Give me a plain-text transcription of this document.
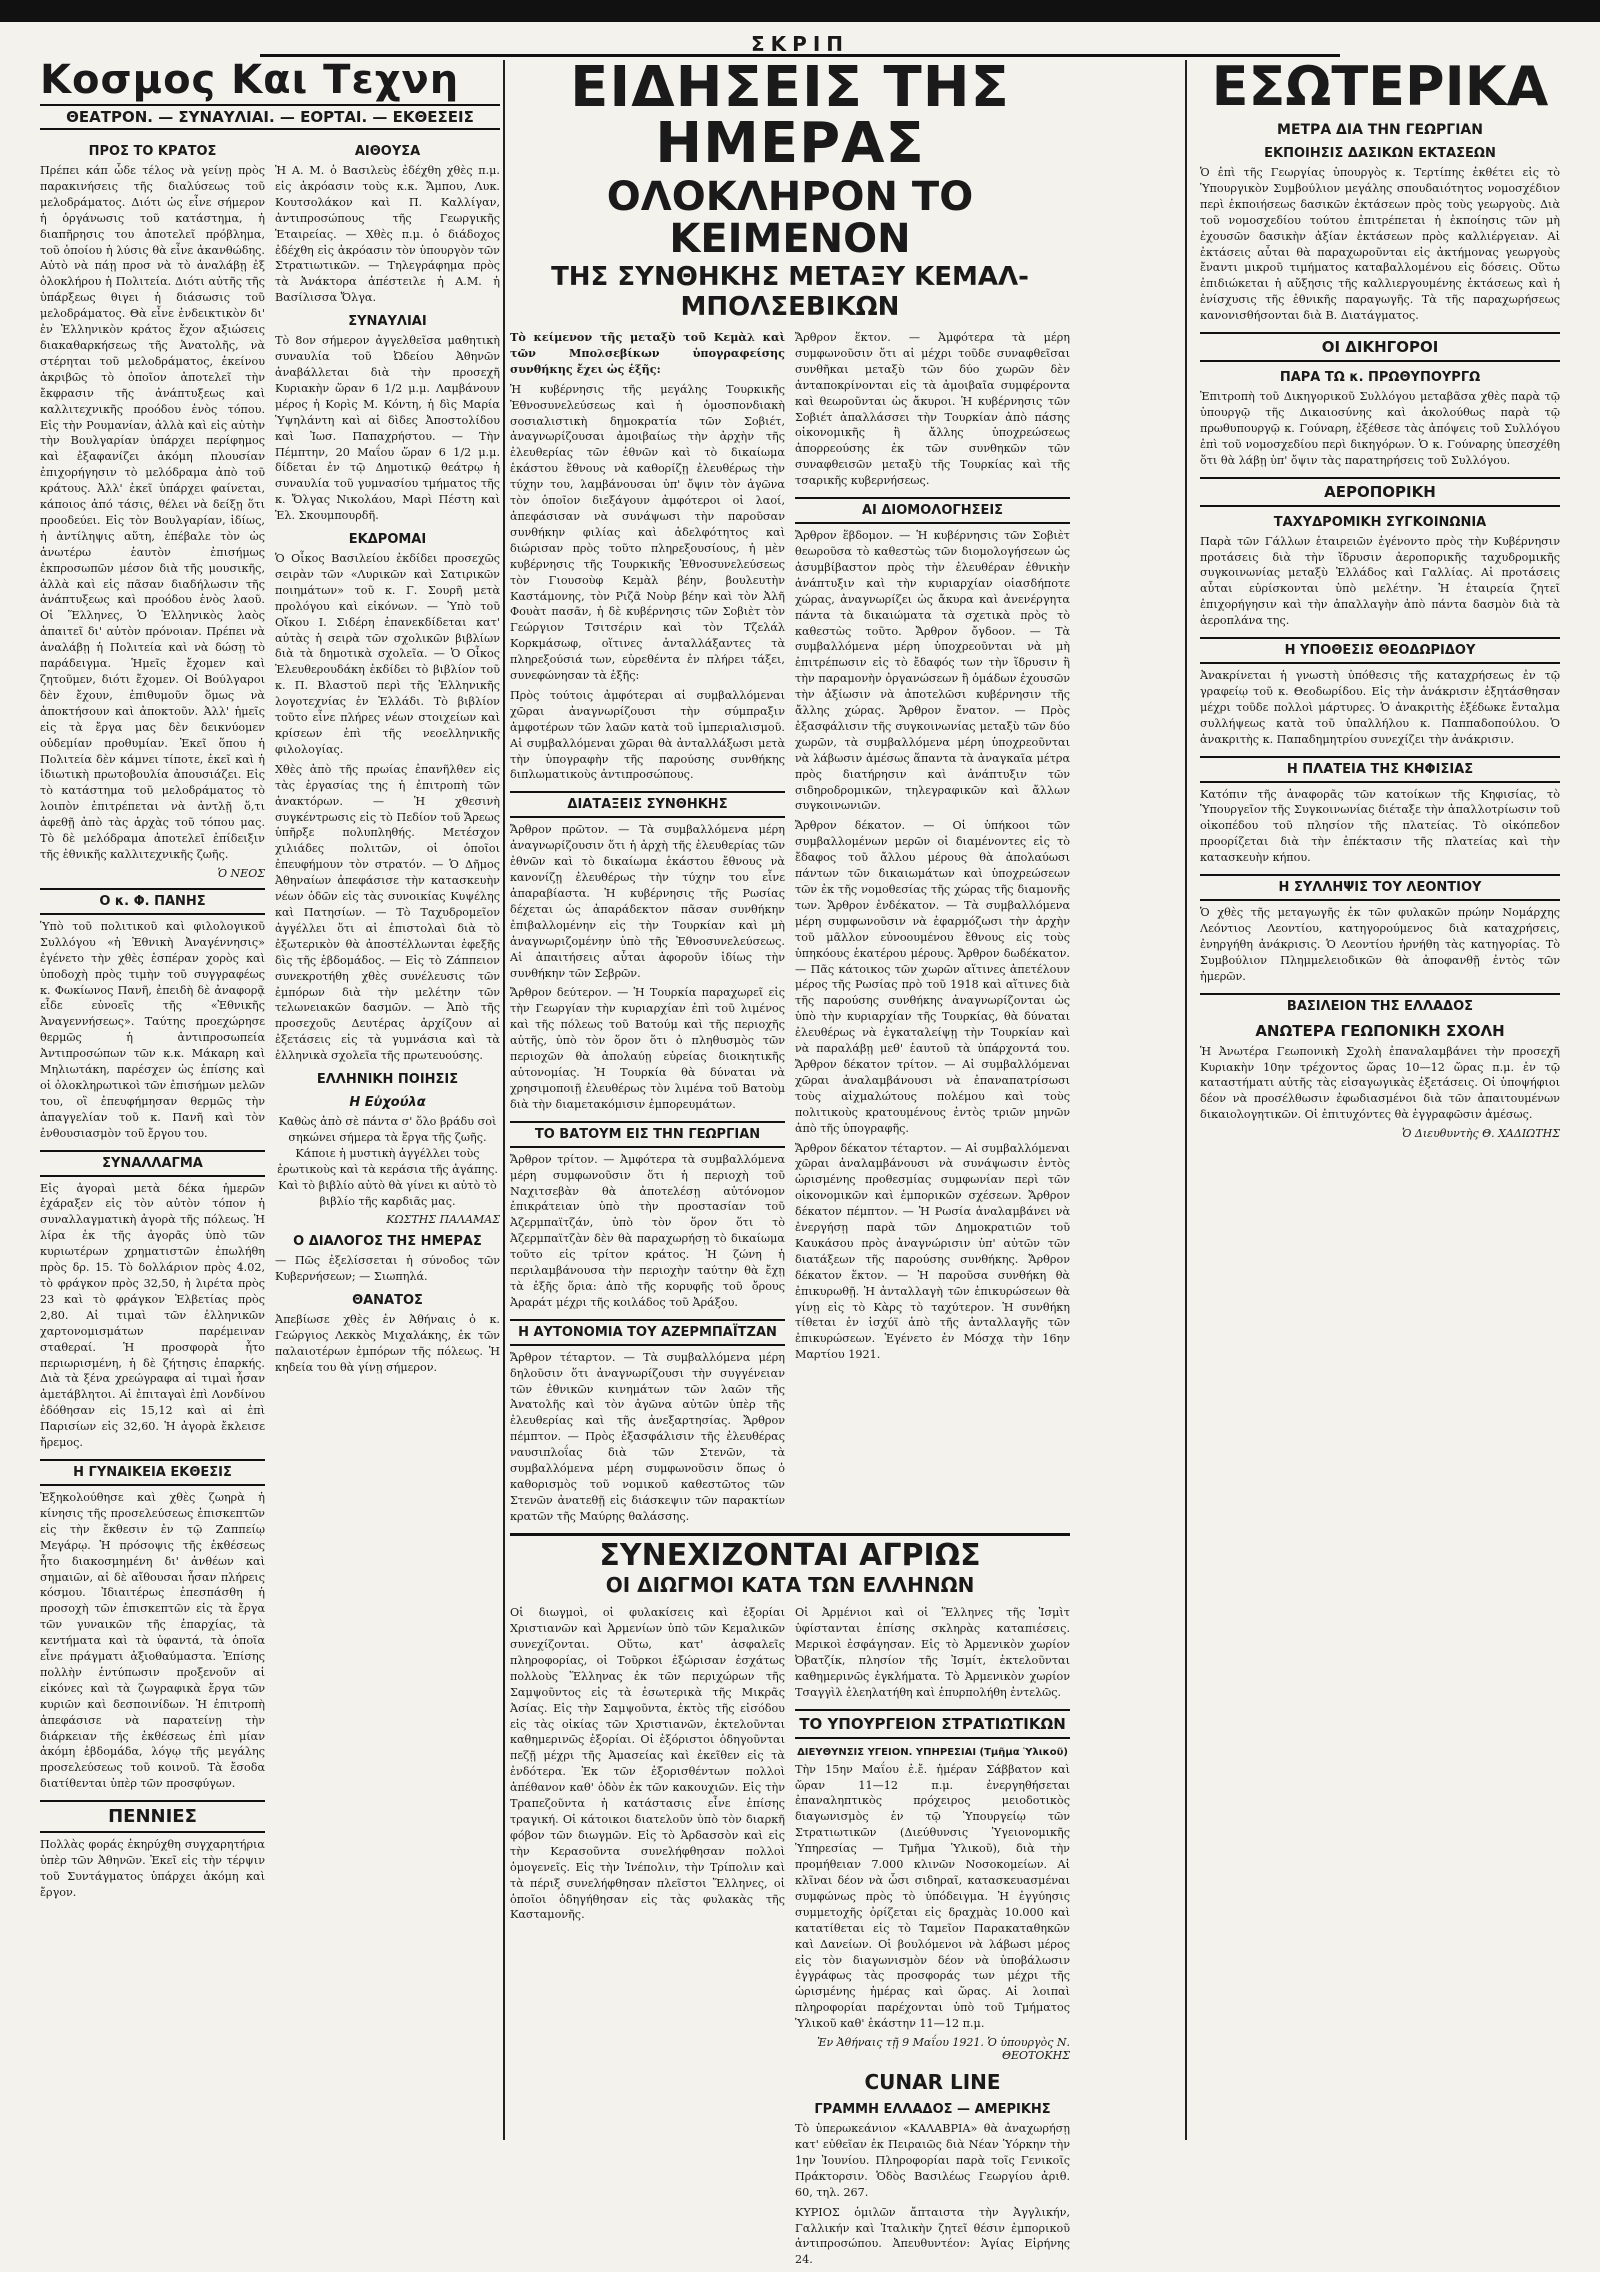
ΣΚΡΙΠ
Κοσμος Και Τεχνη
ΘΕΑΤΡΟΝ. — ΣΥΝΑΥΛΙΑΙ. — ΕΟΡΤΑΙ. — ΕΚΘΕΣΕΙΣ
ΠΡΟΣ ΤΟ ΚΡΑΤΟΣ

Πρέπει κάπ ὧδε τέλος νὰ γείνῃ πρὸς παρακινήσεις τῆς διαλύσεως τοῦ μελοδράματος. Διότι ὡς εἶνε σήμερον ἡ ὀργάνωσις τοῦ κατάστημα, ἡ διαπῆρησις του ἀποτελεῖ πρόβλημα, τοῦ ὁποίου ἡ λύσις θὰ εἶνε ἀκανθώδης. Αὐτὸ νὰ πάῃ προσ νὰ τὸ ἀναλάβῃ ἐξ ὁλοκλήρου ἡ Πολιτεία. Διότι αὐτῆς τῆς ὑπάρξεως θιγει ἡ διάσωσις τοῦ μελοδράματος. Θὰ εἶνε ἐνδεικτικὸν δι' ἐν Ἑλληνικὸν κράτος ἔχον αξιώσεις διακαθαρκήσεως τῆς Ἀνατολῆς, νὰ στέρηται τοῦ μελοδράματος, ἐκείνου ἀκριβῶς τὸ ὁποῖον ἀποτελεῖ τὴν ἔκφρασιν τῆς ἀνάπτυξεως καὶ καλλιτεχνικῆς προόδου ἑνὸς τόπου. Εἰς τὴν Ρουμανίαν, ἀλλὰ καὶ εἰς αὐτὴν τὴν Βουλγαρίαν ὑπάρχει περίφημος καὶ ἐξαφανίζει ἀκόμη πλουσίαν ἐπιχορήγησιν τὸ μελόδραμα ἀπὸ τοῦ κράτους. Ἀλλ' ἐκεῖ ὑπάρχει φαίνεται, κάποιος ἀπό τάσις, θέλει νὰ δείξῃ ὅτι προοδεύει. Εἰς τὸν Βουλγαρίαν, ἰδίως, ἡ ἀντίληψις αὕτη, ἐπέβαλε τὸν ὡς ἀνωτέρω ἑαυτὸν ἐπισήμως ἐκπροσωπῶν μέσον διὰ τῆς μουσικῆς, ἀλλὰ καὶ εἰς πᾶσαν διαδήλωσιν τῆς ἀνάπτυξεως καὶ προόδου ἑνὸς λαοῦ. Οἱ Ἕλληνες, Ὁ Ἑλληνικὸς λαὸς ἀπαιτεῖ δι' αὐτὸν πρόνοιαν. Πρέπει νὰ ἀναλάβῃ ἡ Πολιτεία καὶ νὰ δώσῃ τὸ παράδειγμα. Ἡμεῖς ἔχομεν καὶ ζητοῦμεν, διότι ἔχομεν. Οἱ Βούλγαροι δὲν ἔχουν, ἐπιθυμοῦν ὅμως νὰ ἀποκτήσουν καὶ ἀποκτοῦν. Ἀλλ' ἡμεῖς εἰς τὰ ἔργα μας δὲν δεικνύομεν οὐδεμίαν προθυμίαν. Ἐκεῖ ὅπου ἡ Πολιτεία δὲν κάμνει τίποτε, ἐκεῖ καὶ ἡ ἰδιωτικὴ πρωτοβουλία ἀπουσιάζει. Εἰς τὸ κατάστημα τοῦ μελοδράματος τὸ λοιπὸν ἐπιτρέπεται νὰ ἀντλῇ ὅ,τι ἀφεθῇ ἀπὸ τὰς ἀρχὰς τοῦ τόπου μας. Τὸ δὲ μελόδραμα ἀποτελεῖ ἐπίδειξιν τῆς ἐθνικῆς καλλιτεχνικῆς ζωῆς.

Ὁ ΝΕΟΣ
Ο κ. Φ. ΠΑΝΗΣ

Ὑπὸ τοῦ πολιτικοῦ καὶ φιλολογικοῦ Συλλόγου «ἡ Ἐθνικὴ Ἀναγέννησις» ἐγένετο τὴν χθὲς ἑσπέραν χορὸς καὶ ὑποδοχὴ πρὸς τιμὴν τοῦ συγγραφέως κ. Φωκίωνος Πανῆ, ἐπειδὴ δὲ ἀναφορᾷ εἶδε εὐνοεῖς τῆς «Ἐθνικῆς Ἀναγεννήσεως». Ταύτης προεχώρησε θερμῶς ἡ ἀντιπροσωπεία Ἀντιπροσώπων τῶν κ.κ. Μάκαρη καὶ Μηλιωτάκη, παρέσχεν ὡς ἐπίσης καὶ οἱ ὀλοκληρωτικοὶ τῶν ἐπισήμων μελῶν του, οἳ ἐπευφήμησαν θερμῶς τὴν ἀπαγγελίαν τοῦ κ. Πανῆ καὶ τὸν ἐνθουσιασμὸν τοῦ ἔργου του.

ΣΥΝΑΛΛΑΓΜΑ

Εἰς ἀγοραὶ μετὰ δέκα ἡμερῶν ἐχάραξεν εἰς τὸν αὐτὸν τόπον ἡ συναλλαγματικὴ ἀγορὰ τῆς πόλεως. Ἡ λίρα ἐκ τῆς ἀγορᾶς ὑπὸ τῶν κυριωτέρων χρηματιστῶν ἐπωλήθη πρὸς δρ. 15. Τὸ δολλάριον πρὸς 4.02, τὸ φράγκον πρὸς 32,50, ἡ λιρέτα πρὸς 23 καὶ τὸ φράγκον Ἑλβετίας πρὸς 2,80. Αἱ τιμαὶ τῶν ἑλληνικῶν χαρτονομισμάτων παρέμειναν σταθεραί. Ἡ προσφορὰ ἦτο περιωρισμένη, ἡ δὲ ζήτησις ἐπαρκής. Διὰ τὰ ξένα χρεώγραφα αἱ τιμαὶ ἦσαν ἀμετάβλητοι. Αἱ ἐπιταγαὶ ἐπὶ Λονδίνου ἐδόθησαν εἰς 15,12 καὶ αἱ ἐπὶ Παρισίων εἰς 32,60. Ἡ ἀγορὰ ἔκλεισε ἤρεμος.

Η ΓΥΝΑΙΚΕΙΑ ΕΚΘΕΣΙΣ

Ἐξηκολούθησε καὶ χθὲς ζωηρὰ ἡ κίνησις τῆς προσελεύσεως ἐπισκεπτῶν εἰς τὴν ἔκθεσιν ἐν τῷ Ζαππείῳ Μεγάρῳ. Ἡ πρόσοψις τῆς ἐκθέσεως ἦτο διακοσμημένη δι' ἀνθέων καὶ σημαιῶν, αἱ δὲ αἴθουσαι ἦσαν πλήρεις κόσμου. Ἰδιαιτέρως ἐπεσπάσθη ἡ προσοχὴ τῶν ἐπισκεπτῶν εἰς τὰ ἔργα τῶν γυναικῶν τῆς ἐπαρχίας, τὰ κεντήματα καὶ τὰ ὑφαντά, τὰ ὁποῖα εἶνε πράγματι ἀξιοθαύμαστα. Ἐπίσης πολλὴν ἐντύπωσιν προξενοῦν αἱ εἰκόνες καὶ τὰ ζωγραφικὰ ἔργα τῶν κυριῶν καὶ δεσποινίδων. Ἡ ἐπιτροπὴ ἀπεφάσισε νὰ παρατείνῃ τὴν διάρκειαν τῆς ἐκθέσεως ἐπὶ μίαν ἀκόμη ἑβδομάδα, λόγῳ τῆς μεγάλης προσελεύσεως τοῦ κοινοῦ. Τὰ ἔσοδα διατίθενται ὑπὲρ τῶν προσφύγων.

ΠΕΝΝΙΕΣ

Πολλὰς φοράς ἐκηρύχθη συγχαρητήρια ὑπὲρ τῶν Ἀθηνῶν. Ἐκεῖ εἰς τὴν τέρψιν τοῦ Συντάγματος ὑπάρχει ἀκόμη καὶ ἔργον.

ΑΙΘΟΥΣΑ

Ἡ Α. Μ. ὁ Βασιλεὺς ἐδέχθη χθὲς π.μ. εἰς ἀκρόασιν τοὺς κ.κ. Ἄμπου, Λυκ. Κουτσολάκον καὶ Π. Καλλίγαν, ἀντιπροσώπους τῆς Γεωργικῆς Ἑταιρείας. — Χθὲς π.μ. ὁ διάδοχος ἐδέχθη εἰς ἀκρόασιν τὸν ὑπουργὸν τῶν Στρατιωτικῶν. — Τηλεγράφημα πρὸς τὰ Ἀνάκτορα ἀπέστειλε ἡ Α.Μ. ἡ Βασίλισσα Ὄλγα.

ΣΥΝΑΥΛΙΑΙ

Τὸ 8ον σήμερον ἀγγελθεῖσα μαθητικὴ συναυλία τοῦ Ὠδείου Ἀθηνῶν ἀναβάλλεται διὰ τὴν προσεχῆ Κυριακὴν ὥραν 6 1/2 μ.μ. Λαμβάνουν μέρος ἡ Κορὶς Μ. Κόντη, ἡ δὶς Μαρία Ὑψηλάντη καὶ αἱ δὶδες Ἀποστολίδου καὶ Ἰωσ. Παπαχρήστου. — Τὴν Πέμπτην, 20 Μαΐου ὥραν 6 1/2 μ.μ. δίδεται ἐν τῷ Δημοτικῷ θεάτρῳ ἡ συναυλία τοῦ γυμνασίου τμήματος τῆς κ. Ὄλγας Νικολάου, Μαρὶ Πέστη καὶ Ἑλ. Σκουμπουρδῆ.

ΕΚΔΡΟΜΑΙ

Ὁ Οἶκος Βασιλείου ἐκδίδει προσεχῶς σειρὰν τῶν «Λυρικῶν καὶ Σατιρικῶν ποιημάτων» τοῦ κ. Γ. Σουρῆ μετὰ προλόγου καὶ εἰκόνων. — Ὑπὸ τοῦ Οἴκου Ι. Σιδέρη ἐπανεκδίδεται κατ' αὐτὰς ἡ σειρὰ τῶν σχολικῶν βιβλίων διὰ τὰ δημοτικὰ σχολεῖα. — Ὁ Οἶκος Ἐλευθερουδάκη ἐκδίδει τὸ βιβλίον τοῦ κ. Π. Βλαστοῦ περὶ τῆς Ἑλληνικῆς λογοτεχνίας ἐν Ἑλλάδι. Τὸ βιβλίον τοῦτο εἶνε πλήρες νέων στοιχείων καὶ κρίσεων ἐπὶ τῆς νεοελληνικῆς φιλολογίας.

Χθὲς ἀπὸ τῆς πρωίας ἐπανῆλθεν εἰς τὰς ἐργασίας της ἡ ἐπιτροπὴ τῶν ἀνακτόρων. — Ἡ χθεσινὴ συγκέντρωσις εἰς τὸ Πεδίον τοῦ Ἄρεως ὑπῆρξε πολυπληθής. Μετέσχον χιλιάδες πολιτῶν, οἱ ὁποῖοι ἐπευφήμουν τὸν στρατόν. — Ὁ Δῆμος Ἀθηναίων ἀπεφάσισε τὴν κατασκευὴν νέων ὁδῶν εἰς τὰς συνοικίας Κυψέλης καὶ Πατησίων. — Τὸ Ταχυδρομεῖον ἀγγέλλει ὅτι αἱ ἐπιστολαὶ διὰ τὸ ἐξωτερικὸν θὰ ἀποστέλλωνται ἐφεξῆς δὶς τῆς ἑβδομάδος. — Εἰς τὸ Ζάππειον συνεκροτήθη χθὲς συνέλευσις τῶν ἐμπόρων διὰ τὴν μελέτην τῶν τελωνειακῶν δασμῶν. — Ἀπὸ τῆς προσεχοῦς Δευτέρας ἀρχίζουν αἱ ἐξετάσεις εἰς τὰ γυμνάσια καὶ τὰ ἑλληνικὰ σχολεῖα τῆς πρωτευούσης.

ΕΛΛΗΝΙΚΗ ΠΟΙΗΣΙΣ
Η Εὐχούλα

Καθὼς ἀπὸ σὲ πάντα σ' ὅλο βράδυ σοὶ σηκώνει σήμερα τὰ ἔργα τῆς ζωῆς. Κάποιε ἡ μυστικὴ ἀγγέλλει τοὺς ἐρωτικοὺς καὶ τὰ κεράσια τῆς ἀγάπης. Καὶ τὸ βιβλίο αὐτὸ θὰ γίνει κι αὐτὸ τὸ βιβλίο τῆς καρδιᾶς μας.

ΚΩΣΤΗΣ ΠΑΛΑΜΑΣ
Ο ΔΙΑΛΟΓΟΣ ΤΗΣ ΗΜΕΡΑΣ

— Πῶς ἐξελίσσεται ἡ σύνοδος τῶν Κυβερνήσεων; — Σιωπηλά.

ΘΑΝΑΤΟΣ

Ἀπεβίωσε χθὲς ἐν Ἀθήναις ὁ κ. Γεώργιος Λεκκὸς Μιχαλάκης, ἐκ τῶν παλαιοτέρων ἐμπόρων τῆς πόλεως. Ἡ κηδεία του θὰ γίνῃ σήμερον.

ΕΙΔΗΣΕΙΣ ΤΗΣ ΗΜΕΡΑΣ
ΟΛΟΚΛΗΡΟΝ ΤΟ ΚΕΙΜΕΝΟΝ
ΤΗΣ ΣΥΝΘΗΚΗΣ ΜΕΤΑΞΥ ΚΕΜΑΛ-ΜΠΟΛΣΕΒΙΚΩΝ

Τὸ κείμενον τῆς μεταξὺ τοῦ Κεμὰλ καὶ τῶν Μπολσεβίκων ὑπογραφείσης συνθήκης ἔχει ὡς ἑξῆς:

Ἡ κυβέρνησις τῆς μεγάλης Τουρκικῆς Ἐθνοσυνελεύσεως καὶ ἡ ὁμοσπονδιακὴ σοσιαλιστικὴ δημοκρατία τῶν Σοβιέτ, ἀναγνωρίζουσαι ἀμοιβαίως τὴν ἀρχὴν τῆς ἐλευθερίας τῶν ἐθνῶν καὶ τὸ δικαίωμα ἑκάστου ἔθνους νὰ καθορίζῃ ἐλευθέρως τὴν τύχην του, λαμβάνουσαι ὑπ' ὄψιν τὸν ἀγῶνα τὸν ὁποῖον διεξάγουν ἀμφότεροι οἱ λαοί, ἀπεφάσισαν νὰ συνάψωσι τὴν παροῦσαν συνθήκην φιλίας καὶ ἀδελφότητος καὶ διώρισαν πρὸς τοῦτο πληρεξουσίους, ἡ μὲν κυβέρνησις τῆς Τουρκικῆς Ἐθνοσυνελεύσεως τὸν Γιουσοὺφ Κεμὰλ βέην, βουλευτὴν Καστάμονης, τὸν Ριζᾶ Νοὺρ βέην καὶ τὸν Ἀλῆ Φουὰτ πασᾶν, ἡ δὲ κυβέρνησις τῶν Σοβιὲτ τὸν Γεώργιον Τσιτσέριν καὶ τὸν Τζελάλ Κορκμάσωφ, οἵτινες ἀνταλλάξαντες τὰ πληρεξούσιά των, εὑρεθέντα ἐν πλήρει τάξει, συνεφώνησαν τὰ ἑξῆς:

Πρὸς τούτοις ἀμφότεραι αἱ συμβαλλόμεναι χῶραι ἀναγνωρίζουσι τὴν σύμπραξιν ἀμφοτέρων τῶν λαῶν κατὰ τοῦ ἱμπεριαλισμοῦ. Αἱ συμβαλλόμεναι χῶραι θὰ ἀνταλλάξωσι μετὰ τὴν ὑπογραφὴν τῆς παρούσης συνθήκης διπλωματικοὺς ἀντιπροσώπους.

ΔΙΑΤΑΞΕΙΣ ΣΥΝΘΗΚΗΣ

Ἄρθρον πρῶτον. — Τὰ συμβαλλόμενα μέρη ἀναγνωρίζουσιν ὅτι ἡ ἀρχὴ τῆς ἐλευθερίας τῶν ἐθνῶν καὶ τὸ δικαίωμα ἑκάστου ἔθνους νὰ κανονίζῃ ἐλευθέρως τὴν τύχην του εἶνε ἀπαραβίαστα. Ἡ κυβέρνησις τῆς Ρωσίας δέχεται ὡς ἀπαράδεκτον πᾶσαν συνθήκην ἐπιβαλλομένην εἰς τὴν Τουρκίαν καὶ μὴ ἀναγνωριζομένην ὑπὸ τῆς Ἐθνοσυνελεύσεως. Αἱ ἀπαιτήσεις αὗται ἀφοροῦν ἰδίως τὴν συνθήκην τῶν Σεβρῶν.

Ἄρθρον δεύτερον. — Ἡ Τουρκία παραχωρεῖ εἰς τὴν Γεωργίαν τὴν κυριαρχίαν ἐπὶ τοῦ λιμένος καὶ τῆς πόλεως τοῦ Βατούμ καὶ τῆς περιοχῆς αὐτῆς, ὑπὸ τὸν ὅρον ὅτι ὁ πληθυσμὸς τῶν περιοχῶν θὰ ἀπολαύῃ εὐρείας διοικητικῆς αὐτονομίας. Ἡ Τουρκία θὰ δύναται νὰ χρησιμοποιῇ ἐλευθέρως τὸν λιμένα τοῦ Βατοὺμ διὰ τὴν διαμετακόμισιν ἐμπορευμάτων.

ΤΟ ΒΑΤΟΥΜ ΕΙΣ ΤΗΝ ΓΕΩΡΓΙΑΝ

Ἄρθρον τρίτον. — Ἀμφότερα τὰ συμβαλλόμενα μέρη συμφωνοῦσιν ὅτι ἡ περιοχὴ τοῦ Ναχιτσεβὰν θὰ ἀποτελέσῃ αὐτόνομον ἐπικράτειαν ὑπὸ τὴν προστασίαν τοῦ Ἀζερμπαϊτζάν, ὑπὸ τὸν ὅρον ὅτι τὸ Ἀζερμπαϊτζὰν δὲν θὰ παραχωρήσῃ τὸ δικαίωμα τοῦτο εἰς τρίτον κράτος. Ἡ ζώνη ἡ περιλαμβάνουσα τὴν περιοχὴν ταύτην θὰ ἔχῃ τὰ ἑξῆς ὅρια: ἀπὸ τῆς κορυφῆς τοῦ ὄρους Ἀραράτ μέχρι τῆς κοιλάδος τοῦ Ἀράξου.

Η ΑΥΤΟΝΟΜΙΑ ΤΟΥ ΑΖΕΡΜΠΑΪΤΖΑΝ

Ἄρθρον τέταρτον. — Τὰ συμβαλλόμενα μέρη δηλοῦσιν ὅτι ἀναγνωρίζουσι τὴν συγγένειαν τῶν ἐθνικῶν κινημάτων τῶν λαῶν τῆς Ἀνατολῆς καὶ τὸν ἀγῶνα αὐτῶν ὑπὲρ τῆς ἐλευθερίας καὶ τῆς ἀνεξαρτησίας. Ἄρθρον πέμπτον. — Πρὸς ἐξασφάλισιν τῆς ἐλευθέρας ναυσιπλοΐας διὰ τῶν Στενῶν, τὰ συμβαλλόμενα μέρη συμφωνοῦσιν ὅπως ὁ καθορισμὸς τοῦ νομικοῦ καθεστῶτος τῶν Στενῶν ἀνατεθῇ εἰς διάσκεψιν τῶν παρακτίων κρατῶν τῆς Μαύρης θαλάσσης.

Ἄρθρον ἕκτον. — Ἀμφότερα τὰ μέρη συμφωνοῦσιν ὅτι αἱ μέχρι τοῦδε συναφθεῖσαι συνθῆκαι μεταξὺ τῶν δύο χωρῶν δὲν ἀνταποκρίνονται εἰς τὰ ἀμοιβαῖα συμφέροντα καὶ θεωροῦνται ὡς ἄκυροι. Ἡ κυβέρνησις τῶν Σοβιέτ ἀπαλλάσσει τὴν Τουρκίαν ἀπὸ πάσης οἰκονομικῆς ἢ ἄλλης ὑποχρεώσεως ἀπορρεούσης ἐκ τῶν συνθηκῶν τῶν συναφθεισῶν μεταξὺ τῆς Τουρκίας καὶ τῆς τσαρικῆς κυβερνήσεως.

ΑΙ ΔΙΟΜΟΛΟΓΗΣΕΙΣ

Ἄρθρον ἕβδομον. — Ἡ κυβέρνησις τῶν Σοβιὲτ θεωροῦσα τὸ καθεστὼς τῶν διομολογήσεων ὡς ἀσυμβίβαστον πρὸς τὴν ἐλευθέραν ἐθνικὴν ἀνάπτυξιν καὶ τὴν κυριαρχίαν οἱασδήποτε χώρας, ἀναγνωρίζει ὡς ἄκυρα καὶ ἀνενέργητα πάντα τὰ δικαιώματα τὰ σχετικὰ πρὸς τὸ καθεστὼς τοῦτο. Ἄρθρον ὄγδοον. — Τὰ συμβαλλόμενα μέρη ὑποχρεοῦνται νὰ μὴ ἐπιτρέπωσιν εἰς τὸ ἔδαφός των τὴν ἵδρυσιν ἢ τὴν παραμονὴν ὀργανώσεων ἢ ὁμάδων ἐχουσῶν τὴν ἀξίωσιν νὰ ἀποτελῶσι κυβέρνησιν τῆς ἄλλης χώρας. Ἄρθρον ἔνατον. — Πρὸς ἐξασφάλισιν τῆς συγκοινωνίας μεταξὺ τῶν δύο χωρῶν, τὰ συμβαλλόμενα μέρη ὑποχρεοῦνται νὰ λάβωσιν ἀμέσως ἅπαντα τὰ ἀναγκαῖα μέτρα πρὸς διατήρησιν καὶ ἀνάπτυξιν τῶν σιδηροδρομικῶν, τηλεγραφικῶν καὶ ἄλλων συγκοινωνιῶν.

Ἄρθρον δέκατον. — Οἱ ὑπήκοοι τῶν συμβαλλομένων μερῶν οἱ διαμένοντες εἰς τὸ ἔδαφος τοῦ ἄλλου μέρους θὰ ἀπολαύωσι πάντων τῶν δικαιωμάτων καὶ ὑποχρεώσεων τῶν ἐκ τῆς νομοθεσίας τῆς χώρας τῆς διαμονῆς των. Ἄρθρον ἑνδέκατον. — Τὰ συμβαλλόμενα μέρη συμφωνοῦσιν νὰ ἐφαρμόζωσι τὴν ἀρχὴν τοῦ μᾶλλον εὐνοουμένου ἔθνους εἰς τοὺς ὑπηκόους ἑκατέρου μέρους. Ἄρθρον δωδέκατον. — Πᾶς κάτοικος τῶν χωρῶν αἵτινες ἀπετέλουν μέρος τῆς Ρωσίας πρὸ τοῦ 1918 καὶ αἵτινες διὰ τῆς παρούσης συνθήκης ἀναγνωρίζονται ὡς ὑπὸ τὴν κυριαρχίαν τῆς Τουρκίας, θὰ δύναται ἐλευθέρως νὰ ἐγκαταλείψῃ τὴν Τουρκίαν καὶ νὰ παραλάβῃ μεθ' ἑαυτοῦ τὰ ὑπάρχοντά του. Ἄρθρον δέκατον τρίτον. — Αἱ συμβαλλόμεναι χῶραι ἀναλαμβάνουσι νὰ ἐπαναπατρίσωσι τοὺς αἰχμαλώτους πολέμου καὶ τοὺς πολιτικοὺς κρατουμένους ἐντὸς τριῶν μηνῶν ἀπὸ τῆς ὑπογραφῆς.

Ἄρθρον δέκατον τέταρτον. — Αἱ συμβαλλόμεναι χῶραι ἀναλαμβάνουσι νὰ συνάψωσιν ἐντὸς ὡρισμένης προθεσμίας συμφωνίαν περὶ τῶν οἰκονομικῶν καὶ ἐμπορικῶν σχέσεων. Ἄρθρον δέκατον πέμπτον. — Ἡ Ρωσία ἀναλαμβάνει νὰ ἐνεργήσῃ παρὰ τῶν Δημοκρατιῶν τοῦ Καυκάσου πρὸς ἀναγνώρισιν ὑπ' αὐτῶν τῶν διατάξεων τῆς παρούσης συνθήκης. Ἄρθρον δέκατον ἕκτον. — Ἡ παροῦσα συνθήκη θὰ ἐπικυρωθῇ. Ἡ ἀνταλλαγὴ τῶν ἐπικυρώσεων θὰ γίνῃ εἰς τὸ Κὰρς τὸ ταχύτερον. Ἡ συνθήκη τίθεται ἐν ἰσχύϊ ἀπὸ τῆς ἀνταλλαγῆς τῶν ἐπικυρώσεων. Ἐγένετο ἐν Μόσχᾳ τὴν 16ην Μαρτίου 1921.

ΣΥΝΕΧΙΖΟΝΤΑΙ ΑΓΡΙΩΣ
ΟΙ ΔΙΩΓΜΟΙ ΚΑΤΑ ΤΩΝ ΕΛΛΗΝΩΝ

Οἱ διωγμοὶ, οἱ φυλακίσεις καὶ ἐξορίαι Χριστιανῶν καὶ Ἀρμενίων ὑπὸ τῶν Κεμαλικῶν συνεχίζονται. Οὕτω, κατ' ἀσφαλεῖς πληροφορίας, οἱ Τοῦρκοι ἐξώρισαν ἐσχάτως πολλοὺς Ἕλληνας ἐκ τῶν περιχώρων τῆς Σαμψοῦντος εἰς τὰ ἐσωτερικὰ τῆς Μικρᾶς Ἀσίας. Εἰς τὴν Σαμψοῦντα, ἐκτὸς τῆς εἰσόδου εἰς τὰς οἰκίας τῶν Χριστιανῶν, ἐκτελοῦνται καθημερινῶς ἐξορίαι. Οἱ ἐξόριστοι ὁδηγοῦνται πεζῇ μέχρι τῆς Ἀμασείας καὶ ἐκεῖθεν εἰς τὰ ἐνδότερα. Ἐκ τῶν ἐξορισθέντων πολλοὶ ἀπέθανον καθ' ὁδὸν ἐκ τῶν κακουχιῶν. Εἰς τὴν Τραπεζοῦντα ἡ κατάστασις εἶνε ἐπίσης τραγική. Οἱ κάτοικοι διατελοῦν ὑπὸ τὸν διαρκῆ φόβον τῶν διωγμῶν. Εἰς τὸ Ἀρδασσὸν καὶ εἰς τὴν Κερασοῦντα συνελήφθησαν πολλοὶ ὁμογενεῖς. Εἰς τὴν Ἰνέπολιν, τὴν Τρίπολιν καὶ τὰ πέριξ συνελήφθησαν πλεῖστοι Ἕλληνες, οἱ ὁποῖοι ὁδηγήθησαν εἰς τὰς φυλακὰς τῆς Κασταμονῆς.

Οἱ Ἀρμένιοι καὶ οἱ Ἕλληνες τῆς Ἰσμὶτ ὑφίστανται ἐπίσης σκληρὰς καταπιέσεις. Μερικοὶ ἐσφάγησαν. Εἰς τὸ Ἀρμενικὸν χωρίον Ὀβατζίκ, πλησίον τῆς Ἰσμίτ, ἐκτελοῦνται καθημερινῶς ἐγκλήματα. Τὸ Ἀρμενικὸν χωρίον Τσαγγὶλ ἐλεηλατήθη καὶ ἐπυρπολήθη ἐντελῶς.

ΤΟ ΥΠΟΥΡΓΕΙΟΝ ΣΤΡΑΤΙΩΤΙΚΩΝ
ΔΙΕΥΘΥΝΣΙΣ ΥΓΕΙΟΝ. ΥΠΗΡΕΣΙΑΙ (Τμῆμα Ὑλικοῦ)

Τὴν 15ην Μαΐου ἐ.ἔ. ἡμέραν Σάββατον καὶ ὥραν 11—12 π.μ. ἐνεργηθήσεται ἐπαναληπτικὸς πρόχειρος μειοδοτικὸς διαγωνισμὸς ἐν τῷ Ὑπουργείῳ τῶν Στρατιωτικῶν (Διεύθυνσις Ὑγειονομικῆς Ὑπηρεσίας — Τμῆμα Ὑλικοῦ), διὰ τὴν προμήθειαν 7.000 κλινῶν Νοσοκομείων. Αἱ κλῖναι δέον νὰ ὦσι σιδηραῖ, κατασκευασμέναι συμφώνως πρὸς τὸ ὑπόδειγμα. Ἡ ἐγγύησις συμμετοχῆς ὁρίζεται εἰς δραχμὰς 10.000 καὶ κατατίθεται εἰς τὸ Ταμεῖον Παρακαταθηκῶν καὶ Δανείων. Οἱ βουλόμενοι νὰ λάβωσι μέρος εἰς τὸν διαγωνισμὸν δέον νὰ ὑποβάλωσιν ἐγγράφως τὰς προσφοράς των μέχρι τῆς ὡρισμένης ἡμέρας καὶ ὥρας. Αἱ λοιπαὶ πληροφορίαι παρέχονται ὑπὸ τοῦ Τμήματος Ὑλικοῦ καθ' ἑκάστην 11—12 π.μ.

Ἐν Ἀθήναις τῇ 9 Μαΐου 1921. Ὁ ὑπουργὸς Ν. ΘΕΟΤΟΚΗΣ
CUNAR LINE
ΓΡΑΜΜΗ ΕΛΛΑΔΟΣ — ΑΜΕΡΙΚΗΣ

Τὸ ὑπερωκεάνιον «ΚΑΛΑΒΡΙΑ» θὰ ἀναχωρήσῃ κατ' εὐθεῖαν ἐκ Πειραιῶς διὰ Νέαν Ὑόρκην τὴν 1ην Ἰουνίου. Πληροφορίαι παρὰ τοῖς Γενικοῖς Πράκτορσιν. Ὁδὸς Βασιλέως Γεωργίου ἀριθ. 60, τηλ. 267.

ΚΥΡΙΟΣ ὁμιλῶν ἄπταιστα τὴν Ἀγγλικήν, Γαλλικήν καὶ Ἰταλικὴν ζητεῖ θέσιν ἐμπορικοῦ ἀντιπροσώπου. Ἀπευθυντέον: Ἁγίας Εἰρήνης 24.

ΕΣΩΤΕΡΙΚΑ
ΜΕΤΡΑ ΔΙΑ ΤΗΝ ΓΕΩΡΓΙΑΝ
ΕΚΠΟΙΗΣΙΣ ΔΑΣΙΚΩΝ ΕΚΤΑΣΕΩΝ

Ὁ ἐπὶ τῆς Γεωργίας ὑπουργὸς κ. Τερτίπης ἐκθέτει εἰς τὸ Ὑπουργικὸν Συμβούλιον μεγάλης σπουδαιότητος νομοσχέδιον περὶ ἐκποιήσεως δασικῶν ἐκτάσεων πρὸς τοὺς γεωργοὺς. Διὰ τοῦ νομοσχεδίου τούτου ἐπιτρέπεται ἡ ἐκποίησις τῶν μὴ ἐχουσῶν δασικὴν ἀξίαν ἐκτάσεων πρὸς καλλιέργειαν. Αἱ ἐκτάσεις αὗται θὰ παραχωροῦνται εἰς ἀκτήμονας γεωργοὺς ἔναντι μικροῦ τιμήματος καταβαλλομένου εἰς δόσεις. Οὕτω ἐπιδιώκεται ἡ αὔξησις τῆς καλλιεργουμένης ἐκτάσεως καὶ ἡ ἐνίσχυσις τῆς ἐθνικῆς παραγωγῆς. Τὰ τῆς παραχωρήσεως κανονισθήσονται διὰ Β. Διατάγματος.

ΟΙ ΔΙΚΗΓΟΡΟΙ
ΠΑΡΑ ΤΩ κ. ΠΡΩΘΥΠΟΥΡΓΩ

Ἐπιτροπὴ τοῦ Δικηγορικοῦ Συλλόγου μεταβᾶσα χθὲς παρὰ τῷ ὑπουργῷ τῆς Δικαιοσύνης καὶ ἀκολούθως παρὰ τῷ πρωθυπουργῷ κ. Γούναρη, ἐξέθεσε τὰς ἀπόψεις τοῦ Συλλόγου ἐπὶ τοῦ νομοσχεδίου περὶ δικηγόρων. Ὁ κ. Γούναρης ὑπεσχέθη ὅτι θὰ λάβῃ ὑπ' ὄψιν τὰς παρατηρήσεις τοῦ Συλλόγου.

ΑΕΡΟΠΟΡΙΚΗ
ΤΑΧΥΔΡΟΜΙΚΗ ΣΥΓΚΟΙΝΩΝΙΑ

Παρὰ τῶν Γάλλων ἐταιρειῶν ἐγένοντο πρὸς τὴν Κυβέρνησιν προτάσεις διὰ τὴν ἵδρυσιν ἀεροπορικῆς ταχυδρομικῆς συγκοινωνίας μεταξὺ Ἑλλάδος καὶ Γαλλίας. Αἱ προτάσεις αὗται εὑρίσκονται ὑπὸ μελέτην. Ἡ ἑταιρεία ζητεῖ ἐπιχορήγησιν καὶ τὴν ἀπαλλαγὴν ἀπὸ πάντα δασμὸν διὰ τὰ ἀεροπλάνα της.

Η ΥΠΟΘΕΣΙΣ ΘΕΟΔΩΡΙΔΟΥ

Ἀνακρίνεται ἡ γνωστὴ ὑπόθεσις τῆς καταχρήσεως ἐν τῷ γραφείῳ τοῦ κ. Θεοδωρίδου. Εἰς τὴν ἀνάκρισιν ἐξητάσθησαν μέχρι τοῦδε πολλοὶ μάρτυρες. Ὁ ἀνακριτὴς ἐξέδωκε ἔνταλμα συλλήψεως κατὰ τοῦ ὑπαλλήλου κ. Παππαδοπούλου. Ὁ ἀνακριτὴς κ. Παπαδημητρίου συνεχίζει τὴν ἀνάκρισιν.

Η ΠΛΑΤΕΙΑ ΤΗΣ ΚΗΦΙΣΙΑΣ

Κατόπιν τῆς ἀναφορᾶς τῶν κατοίκων τῆς Κηφισίας, τὸ Ὑπουργεῖον τῆς Συγκοινωνίας διέταξε τὴν ἀπαλλοτρίωσιν τοῦ οἰκοπέδου τοῦ πλησίον τῆς πλατείας. Τὸ οἰκόπεδον προορίζεται διὰ τὴν ἐπέκτασιν τῆς πλατείας καὶ τὴν κατασκευὴν κήπου.

Η ΣΥΛΛΗΨΙΣ ΤΟΥ ΛΕΟΝΤΙΟΥ

Ὁ χθὲς τῆς μεταγωγῆς ἐκ τῶν φυλακῶν πρώην Νομάρχης Λεόντιος Λεοντίου, κατηγορούμενος διὰ καταχρήσεις, ἐνηργήθη ἀνάκρισις. Ὁ Λεοντίου ἠρνήθη τὰς κατηγορίας. Τὸ Συμβούλιον Πλημμελειοδικῶν θὰ ἀποφανθῇ ἐντὸς τῶν ἡμερῶν.

ΒΑΣΙΛΕΙΟΝ ΤΗΣ ΕΛΛΑΔΟΣ
ΑΝΩΤΕΡΑ ΓΕΩΠΟΝΙΚΗ ΣΧΟΛΗ

Ἡ Ἀνωτέρα Γεωπονικὴ Σχολὴ ἐπαναλαμβάνει τὴν προσεχῆ Κυριακὴν 10ην τρέχοντος ὥρας 10—12 ὥρας π.μ. ἐν τῷ καταστήματι αὐτῆς τὰς εἰσαγωγικὰς ἐξετάσεις. Οἱ ὑποψήφιοι δέον νὰ προσέλθωσιν ἐφωδιασμένοι διὰ τῶν ἀπαιτουμένων δικαιολογητικῶν. Οἱ ἐπιτυχόντες θὰ ἐγγραφῶσιν ἀμέσως.

Ὁ Διευθυντὴς Θ. ΧΑΔΙΩΤΗΣ
